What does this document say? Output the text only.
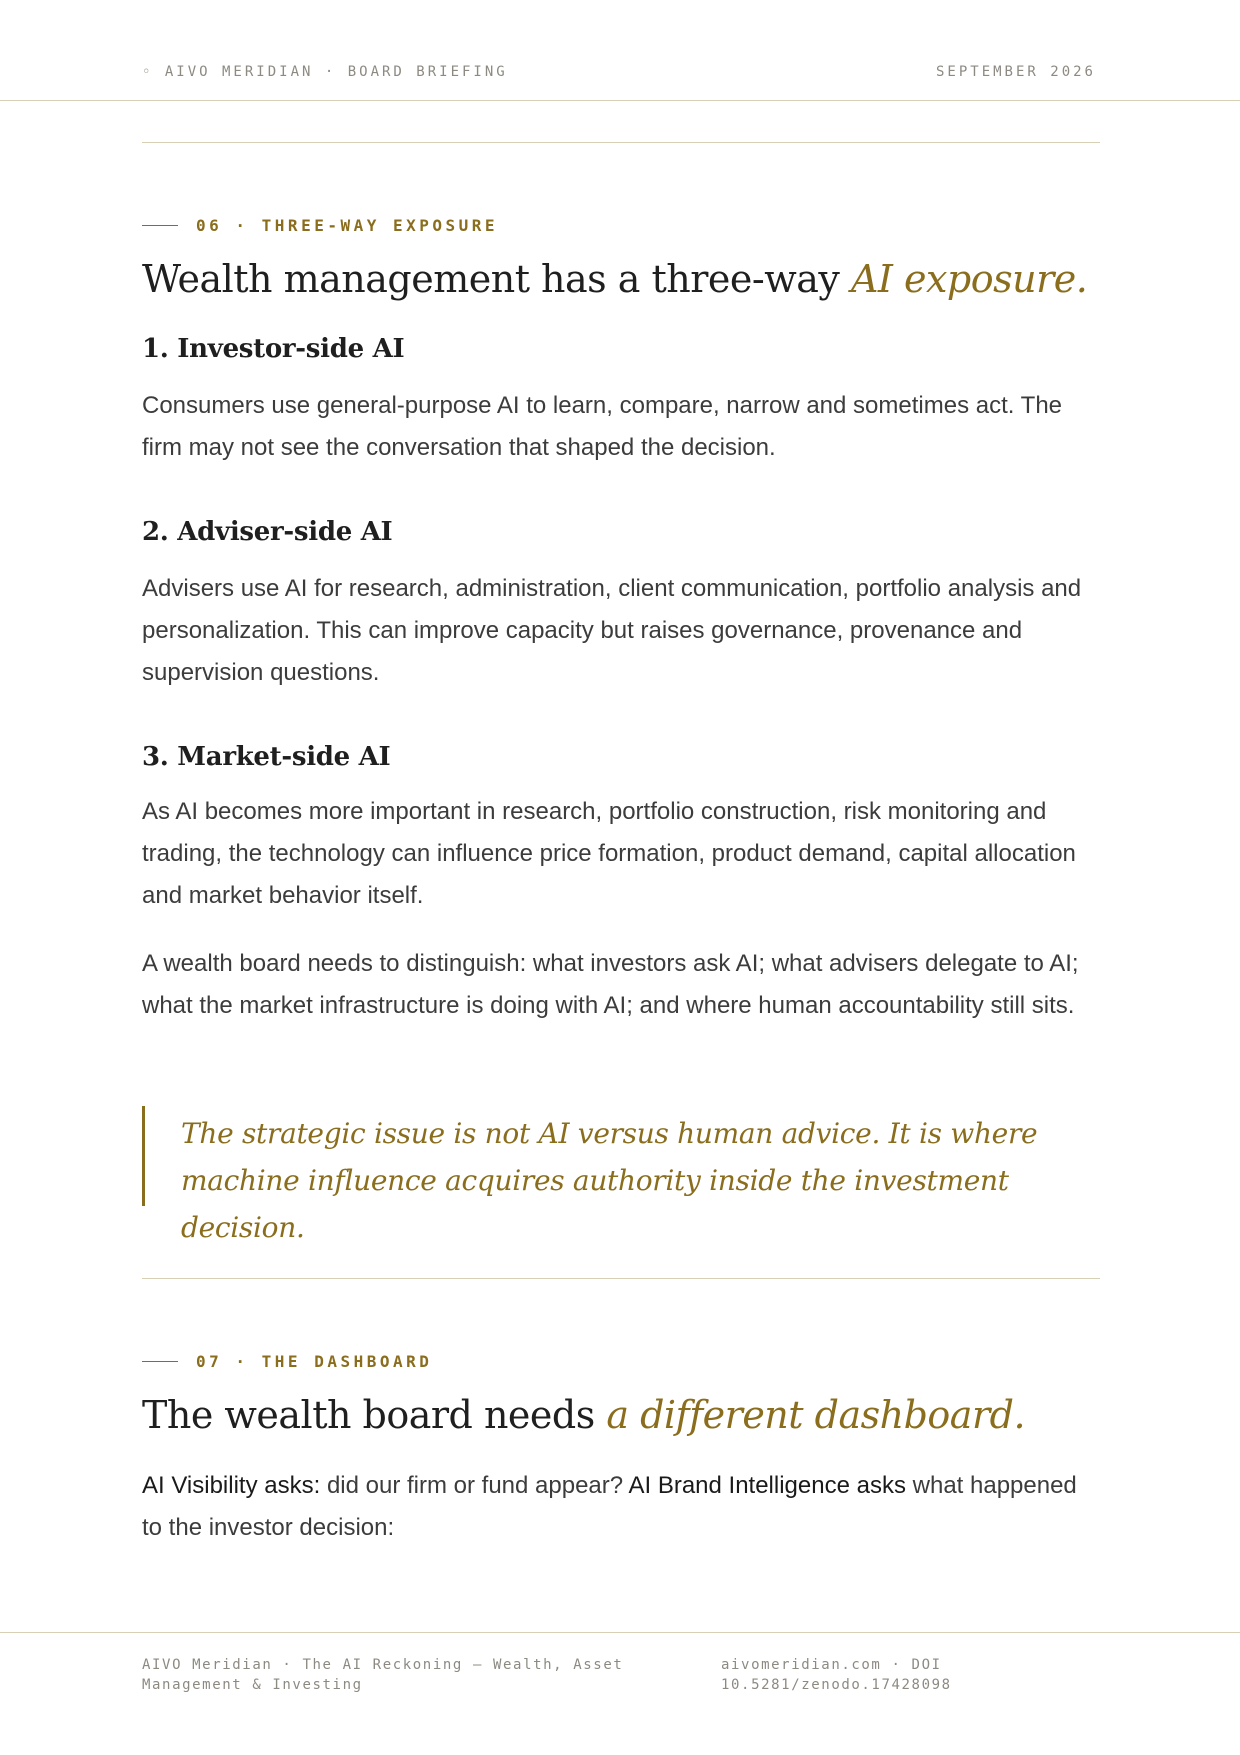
◦ AIVO MERIDIAN · BOARD BRIEFING	SEPTEMBER 2026
06 · THREE-WAY EXPOSURE
Wealth management has a three-way AI exposure.
1. Investor-side AI

Consumers use general-purpose AI to learn, compare, narrow and sometimes act. The firm may not see the conversation that shaped the decision.

2. Adviser-side AI

Advisers use AI for research, administration, client communication, portfolio analysis and personalization. This can improve capacity but raises governance, provenance and supervision questions.

3. Market-side AI

As AI becomes more important in research, portfolio construction, risk monitoring and trading, the technology can influence price formation, product demand, capital allocation and market behavior itself.

A wealth board needs to distinguish: what investors ask AI; what advisers delegate to AI; what the market infrastructure is doing with AI; and where human accountability still sits.

The strategic issue is not AI versus human advice. It is where machine influence acquires authority inside the investment decision.

07 · THE DASHBOARD
The wealth board needs a different dashboard.

AI Visibility asks: did our firm or fund appear? AI Brand Intelligence asks what happened to the investor decision:

AIVO Meridian · The AI Reckoning — Wealth, Asset Management & Investing

aivomeridian.com · DOI 10.5281/zenodo.17428098
